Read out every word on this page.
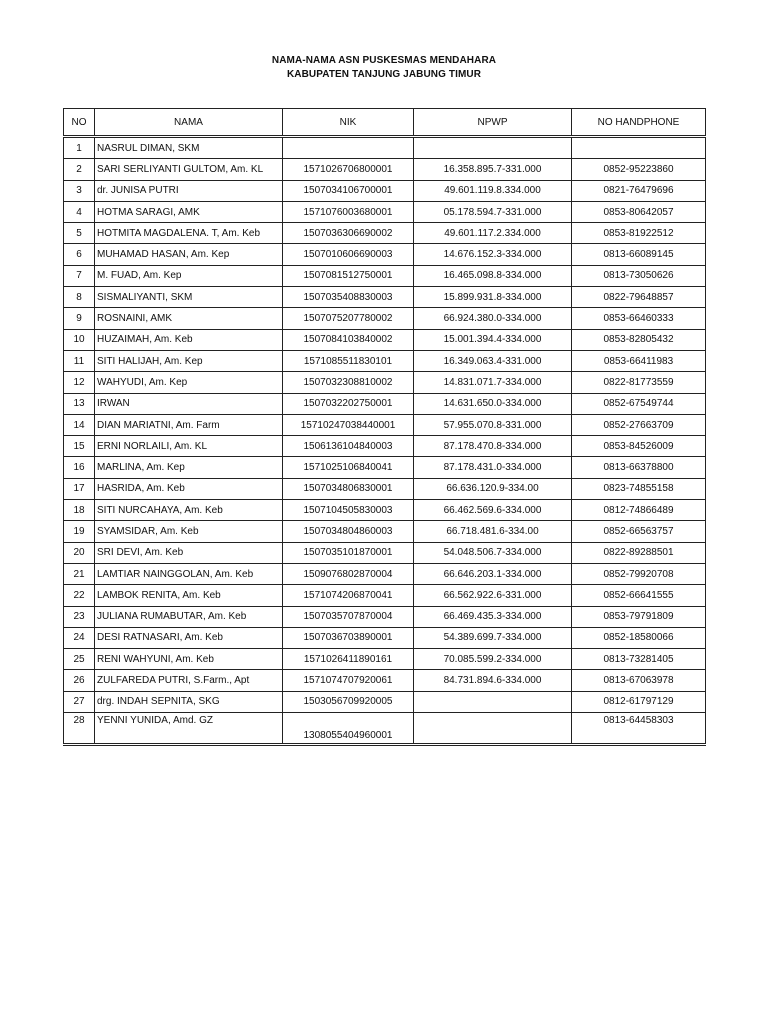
NAMA-NAMA ASN PUSKESMAS MENDAHARA
KABUPATEN TANJUNG JABUNG TIMUR
NO	NAMA	NIK	NPWP	NO HANDPHONE
1	NASRUL DIMAN, SKM			
2	SARI SERLIYANTI GULTOM, Am. KL	1571026706800001	16.358.895.7-331.000	0852-95223860
3	dr. JUNISA PUTRI	1507034106700001	49.601.119.8.334.000	0821-76479696
4	HOTMA SARAGI, AMK	1571076003680001	05.178.594.7-331.000	0853-80642057
5	HOTMITA MAGDALENA. T, Am. Keb	1507036306690002	49.601.117.2.334.000	0853-81922512
6	MUHAMAD HASAN, Am. Kep	1507010606690003	14.676.152.3-334.000	0813-66089145
7	M. FUAD, Am. Kep	1507081512750001	16.465.098.8-334.000	0813-73050626
8	SISMALIYANTI, SKM	1507035408830003	15.899.931.8-334.000	0822-79648857
9	ROSNAINI, AMK	1507075207780002	66.924.380.0-334.000	0853-66460333
10	HUZAIMAH, Am. Keb	1507084103840002	15.001.394.4-334.000	0853-82805432
11	SITI HALIJAH, Am. Kep	1571085511830101	16.349.063.4-331.000	0853-66411983
12	WAHYUDI, Am. Kep	1507032308810002	14.831.071.7-334.000	0822-81773559
13	IRWAN	1507032202750001	14.631.650.0-334.000	0852-67549744
14	DIAN MARIATNI, Am. Farm	15710247038440001	57.955.070.8-331.000	0852-27663709
15	ERNI NORLAILI, Am. KL	1506136104840003	87.178.470.8-334.000	0853-84526009
16	MARLINA, Am. Kep	1571025106840041	87.178.431.0-334.000	0813-66378800
17	HASRIDA, Am. Keb	1507034806830001	66.636.120.9-334.00	0823-74855158
18	SITI NURCAHAYA, Am. Keb	1507104505830003	66.462.569.6-334.000	0812-74866489
19	SYAMSIDAR, Am. Keb	1507034804860003	66.718.481.6-334.00	0852-66563757
20	SRI DEVI, Am. Keb	1507035101870001	54.048.506.7-334.000	0822-89288501
21	LAMTIAR NAINGGOLAN, Am. Keb	1509076802870004	66.646.203.1-334.000	0852-79920708
22	LAMBOK RENITA, Am. Keb	1571074206870041	66.562.922.6-331.000	0852-66641555
23	JULIANA RUMABUTAR, Am. Keb	1507035707870004	66.469.435.3-334.000	0853-79791809
24	DESI RATNASARI, Am. Keb	1507036703890001	54.389.699.7-334.000	0852-18580066
25	RENI WAHYUNI, Am. Keb	1571026411890161	70.085.599.2-334.000	0813-73281405
26	ZULFAREDA PUTRI, S.Farm., Apt	1571074707920061	84.731.894.6-334.000	0813-67063978
27	drg. INDAH SEPNITA, SKG	1503056709920005		0812-61797129
28	YENNI YUNIDA, Amd. GZ	1308055404960001		0813-64458303
